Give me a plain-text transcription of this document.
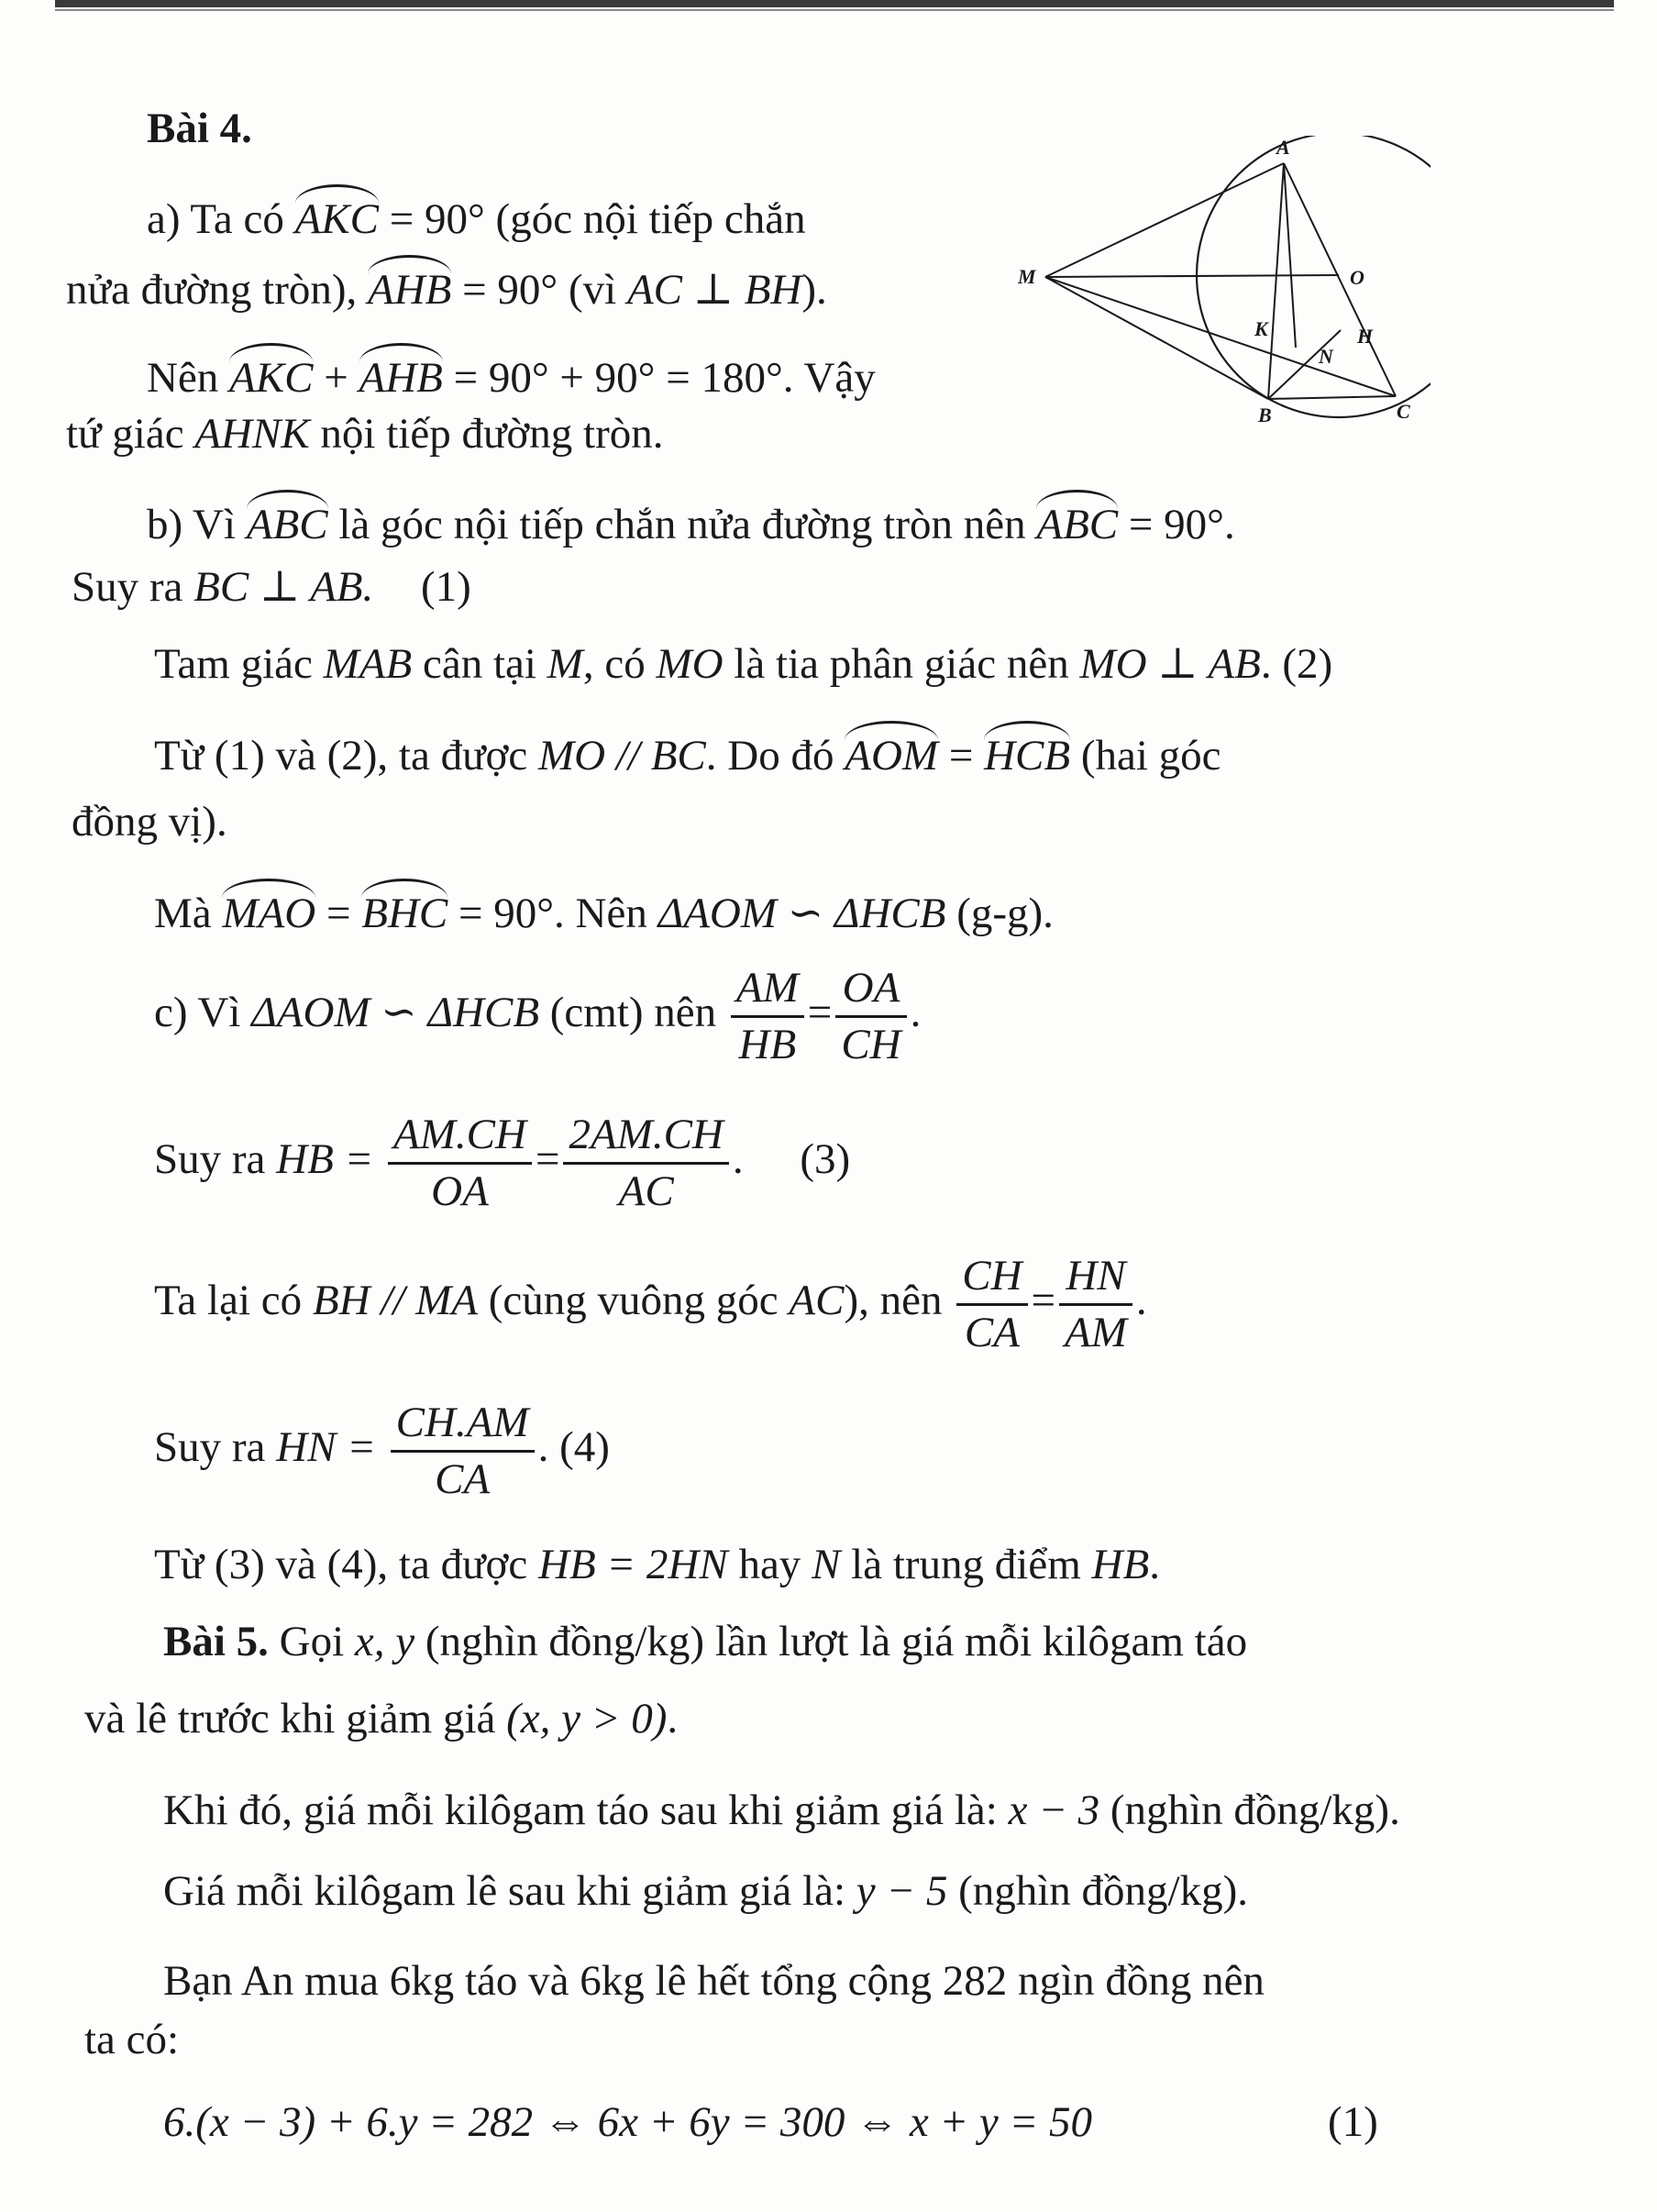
Bài 4.
a) Ta có AKC = 90° (góc nội tiếp chắn
nửa đường tròn), AHB = 90° (vì AC ⊥ BH).
Nên AKC + AHB = 90° + 90° = 180°. Vậy
tứ giác AHNK nội tiếp đường tròn.
b) Vì ABC là góc nội tiếp chắn nửa đường tròn nên ABC = 90°.
Suy ra BC ⊥ AB. (1)
Tam giác MAB cân tại M, có MO là tia phân giác nên MO ⊥ AB. (2)
Từ (1) và (2), ta được MO // BC. Do đó AOM = HCB (hai góc
đồng vị).
Mà MAO = BHC = 90°. Nên ΔAOM ∽ ΔHCB (g-g).
c) Vì ΔAOM ∽ ΔHCB (cmt) nên $\frac{AM}{HB} = \frac{OA}{CH}$ .
Suy ra HB = $\frac{AM.CH}{OA} = \frac{2AM.CH}{AC}$ . (3)
Ta lại có BH // MA (cùng vuông góc AC), nên $\frac{CH}{CA} = \frac{HN}{AM}$ .
Suy ra HN = $\frac{CH.AM}{CA}$ . (4)
Từ (3) và (4), ta được HB = 2HN hay N là trung điểm HB.
Bài 5. Gọi x, y (nghìn đồng/kg) lần lượt là giá mỗi kilôgam táo
và lê trước khi giảm giá (x, y > 0).
Khi đó, giá mỗi kilôgam táo sau khi giảm giá là: x − 3 (nghìn đồng/kg).
Giá mỗi kilôgam lê sau khi giảm giá là: y − 5 (nghìn đồng/kg).
Bạn An mua 6kg táo và 6kg lê hết tổng cộng 282 ngìn đồng nên
ta có:
6.(x − 3) + 6.y = 282 ⇔ 6x + 6y = 300 ⇔ x + y = 50	(1)
A
O
M
K	H
N
B	C
